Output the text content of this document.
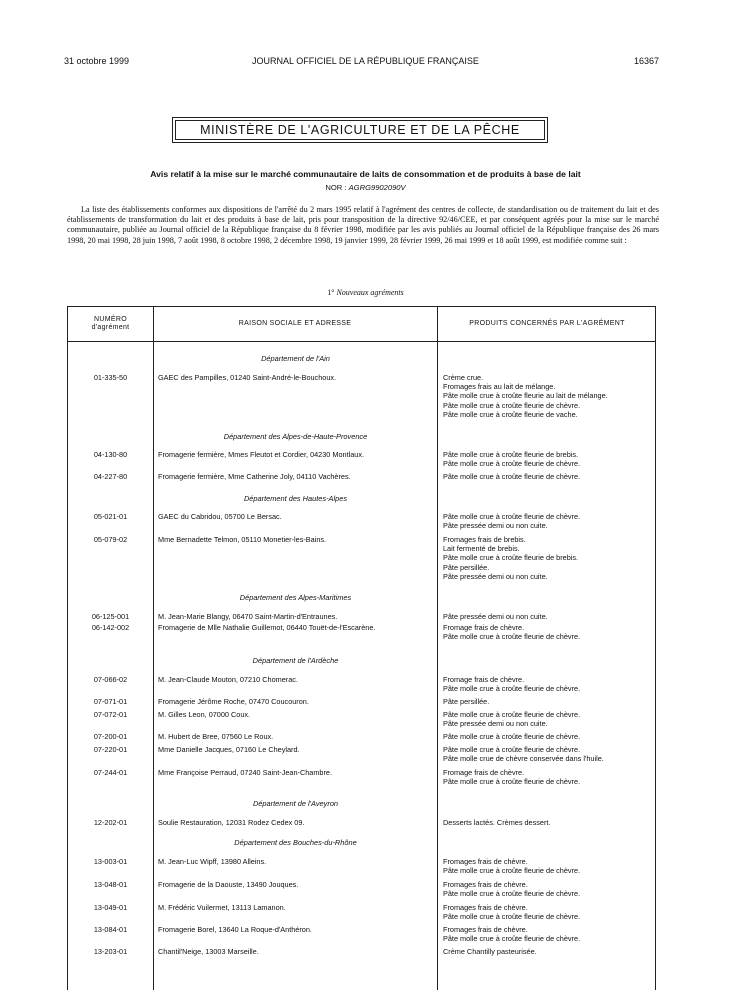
31 octobre 1999	JOURNAL OFFICIEL DE LA RÉPUBLIQUE FRANÇAISE	16367
MINISTÈRE DE L'AGRICULTURE ET DE LA PÊCHE
Avis relatif à la mise sur le marché communautaire de laits de consommation et de produits à base de lait
NOR : AGRG9902090V

La liste des établissements conformes aux dispositions de l'arrêté du 2 mars 1995 relatif à l'agrément des centres de collecte, de standardisation ou de traitement du lait et des établissements de transformation du lait et des produits à base de lait, pris pour transposition de la directive 92/46/CEE, et par conséquent agréés pour la mise sur le marché communautaire, publiée au Journal officiel de la République française du 8 février 1998, modifiée par les avis publiés au Journal officiel de la République française des 26 mars 1998, 20 mai 1998, 28 juin 1998, 7 août 1998, 8 octobre 1998, 2 décembre 1998, 19 janvier 1999, 28 février 1999, 26 mai 1999 et 18 août 1999, est modifiée comme suit :

1° Nouveaux agréments
NUMÉRO
d'agrément
RAISON SOCIALE ET ADRESSE	PRODUITS CONCERNÉS PAR L'AGRÉMENT
Département de l'Ain
01-335-50	GAEC des Pampilles, 01240 Saint-André-le-Bouchoux.	Crème crue.
Fromages frais au lait de mélange.
Pâte molle crue à croûte fleurie au lait de mélange.
Pâte molle crue à croûte fleurie de chèvre.
Pâte molle crue à croûte fleurie de vache.
Département des Alpes-de-Haute-Provence
04-130-80	Fromagerie fermière, Mmes Fleutot et Cordier, 04230 Montlaux.	Pâte molle crue à croûte fleurie de brebis.
Pâte molle crue à croûte fleurie de chèvre.
04-227-80	Fromagerie fermière, Mme Catherine Joly, 04110 Vachères.	Pâte molle crue à croûte fleurie de chèvre.
Département des Hautes-Alpes
05-021-01	GAEC du Cabridou, 05700 Le Bersac.	Pâte molle crue à croûte fleurie de chèvre.
Pâte pressée demi ou non cuite.
05-079-02	Mme Bernadette Telmon, 05110 Monetier-les-Bains.	Fromages frais de brebis.
Lait fermenté de brebis.
Pâte molle crue à croûte fleurie de brebis.
Pâte persillée.
Pâte pressée demi ou non cuite.
Département des Alpes-Maritimes
06-125-001	M. Jean-Marie Blangy, 06470 Saint-Martin-d'Entraunes.	Pâte pressée demi ou non cuite.
06-142-002	Fromagerie de Mlle Nathalie Guillemot, 06440 Touët-de-l'Escarène.	Fromage frais de chèvre.
Pâte molle crue à croûte fleurie de chèvre.
Département de l'Ardèche
07-066-02	M. Jean-Claude Mouton, 07210 Chomerac.	Fromage frais de chèvre.
Pâte molle crue à croûte fleurie de chèvre.
07-071-01	Fromagerie Jérôme Roche, 07470 Coucouron.	Pâte persillée.
07-072-01	M. Gilles Leon, 07000 Coux.	Pâte molle crue à croûte fleurie de chèvre.
Pâte pressée demi ou non cuite.
07-200-01	M. Hubert de Bree, 07560 Le Roux.	Pâte molle crue à croûte fleurie de chèvre.
07-220-01	Mme Danielle Jacques, 07160 Le Cheylard.	Pâte molle crue à croûte fleurie de chèvre.
Pâte molle crue de chèvre conservée dans l'huile.
07-244-01	Mme Françoise Perraud, 07240 Saint-Jean-Chambre.	Fromage frais de chèvre.
Pâte molle crue à croûte fleurie de chèvre.
Département de l'Aveyron
12-202-01	Soulie Restauration, 12031 Rodez Cedex 09.	Desserts lactés. Crèmes dessert.
Département des Bouches-du-Rhône
13-003-01	M. Jean-Luc Wipff, 13980 Alleins.	Fromages frais de chèvre.
Pâte molle crue à croûte fleurie de chèvre.
13-048-01	Fromagerie de la Daouste, 13490 Jouques.	Fromages frais de chèvre.
Pâte molle crue à croûte fleurie de chèvre.
13-049-01	M. Frédéric Vuilermet, 13113 Lamanon.	Fromages frais de chèvre.
Pâte molle crue à croûte fleurie de chèvre.
13-084-01	Fromagerie Borel, 13640 La Roque-d'Anthéron.	Fromages frais de chèvre.
Pâte molle crue à croûte fleurie de chèvre.
13-203-01	Chantil'Neige, 13003 Marseille.	Crème Chantilly pasteurisée.
